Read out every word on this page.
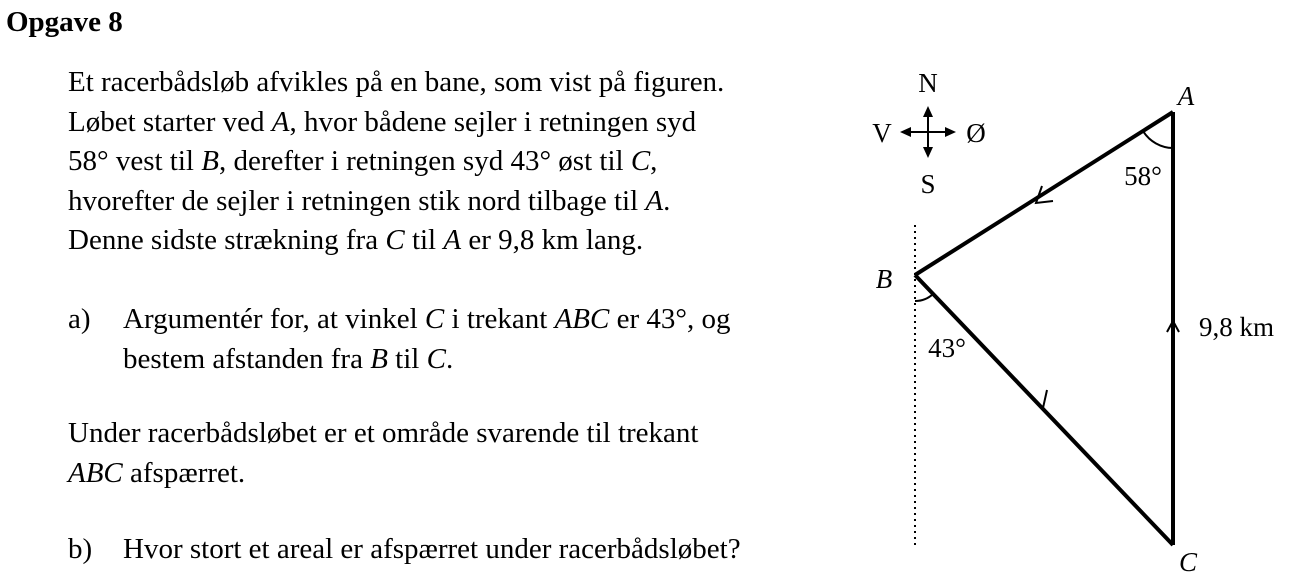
Opgave 8
Et racerbådsløb afvikles på en bane, som vist på figuren.
Løbet starter ved A, hvor bådene sejler i retningen syd
58° vest til B, derefter i retningen syd 43° øst til C,
hvorefter de sejler i retningen stik nord tilbage til A.
Denne sidste strækning fra C til A er 9,8 km lang.
a) Argumentér for, at vinkel C i trekant ABC er 43°, og
bestem afstanden fra B til C.
Under racerbådsløbet er et område svarende til trekant
ABC afspærret.
b) Hvor stort et areal er afspærret under racerbådsløbet?
N
S
V	Ø
A
B
C
58°
43°
9,8 km
